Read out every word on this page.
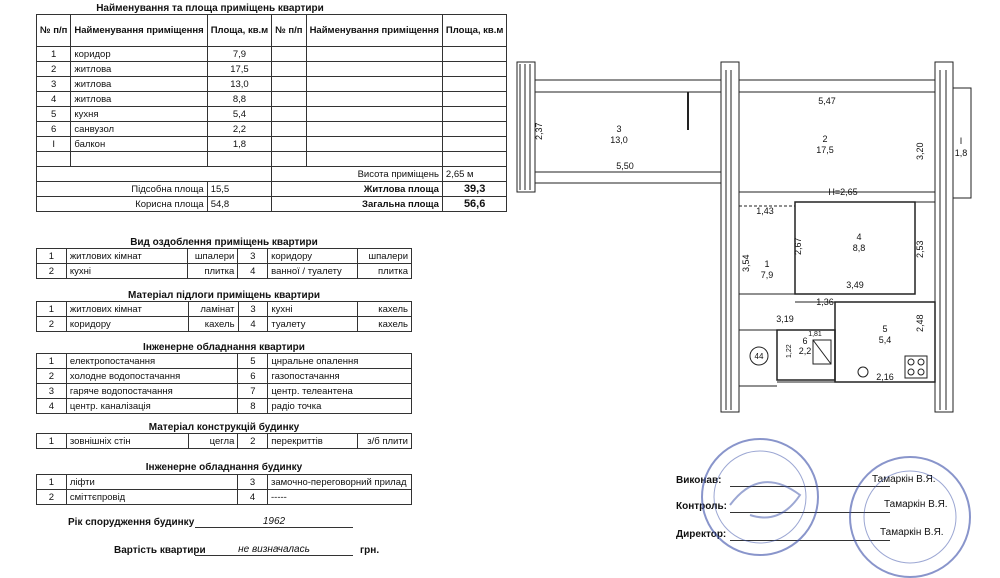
Найменування та площа приміщень квартири
№ п/п	Найменування приміщення	Площа, кв.м	№ п/п	Найменування приміщення	Площа, кв.м
1	коридор	7,9			
2	житлова	17,5			
3	житлова	13,0			
4	житлова	8,8			
5	кухня	5,4			
6	санвузол	2,2			
I	балкон	1,8			

			Висота приміщень		2,65 м
Підсобна площа		15,5	Житлова площа		39,3
Корисна площа		54,8	Загальна площа		56,6
Вид оздоблення приміщень квартири
1	житлових кімнат	шпалери	3	коридору	шпалери
2	кухні	плитка	4	ванної / туалету	плитка
Матеріал підлоги приміщень квартири
1	житлових кімнат	ламінат	3	кухні	кахель
2	коридору	кахель	4	туалету	кахель
Інженерне обладнання квартири
1	електропостачання	5	цнральне опалення
2	холодне водопостачання	6	газопостачання
3	гаряче водопостачання	7	центр. телеантена
4	центр. каналізація	8	радіо точка
Матеріал конструкцій будинку
1	зовнішніх стін	цегла	2	перекриттів	з/б плити
Інженерне обладнання будинку
1	ліфти	3	замочно-переговорний прилад
2	сміттєпровід	4	-----
Рік спорудження будинку	1962
Вартість квартири	не визначалась	грн.
3
13,0
5,50
2
17,5
5,47
Н=2,65
I
1,8
1,43
4
8,8
3,49
1
7,9
1,36
3,19
5
5,4
6
2,2
1,81
2,16
44
2,37
3,20
2,67	2,53
3,54
2,48
1,22
Виконав:	Тамаркін В.Я.
Контроль:	Тамаркін В.Я.
Директор:	Тамаркін В.Я.
